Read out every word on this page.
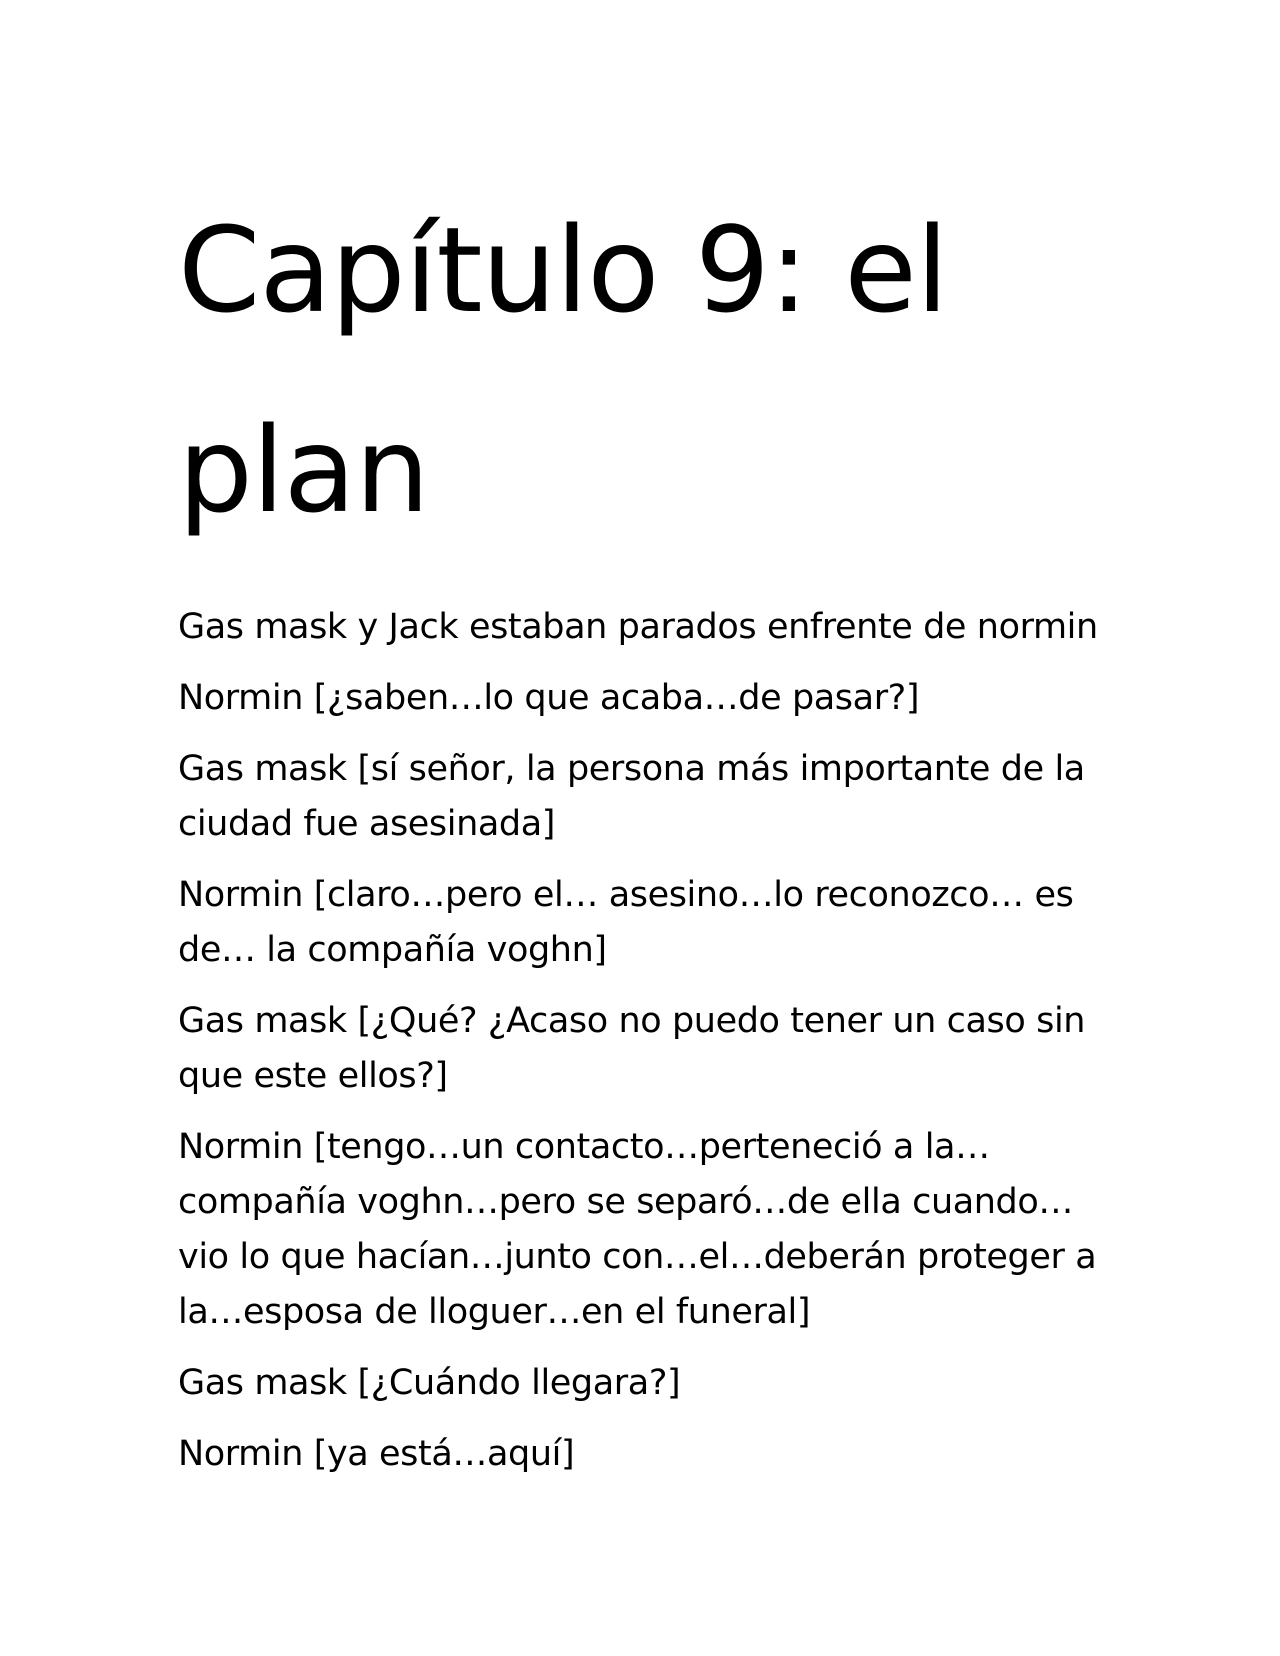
Capítulo 9: el plan

Gas mask y Jack estaban parados enfrente de normin

Normin [¿saben…lo que acaba…de pasar?]

Gas mask [sí señor, la persona más importante de la ciudad fue asesinada]

Normin [claro…pero el… asesino…lo reconozco… es de… la compañía voghn]

Gas mask [¿Qué? ¿Acaso no puedo tener un caso sin que este ellos?]

Normin [tengo…un contacto…perteneció a la…compañía voghn…pero se separó…de ella cuando…vio lo que hacían…junto con…el…deberán proteger a la…esposa de lloguer…en el funeral]

Gas mask [¿Cuándo llegara?]

Normin [ya está…aquí]
